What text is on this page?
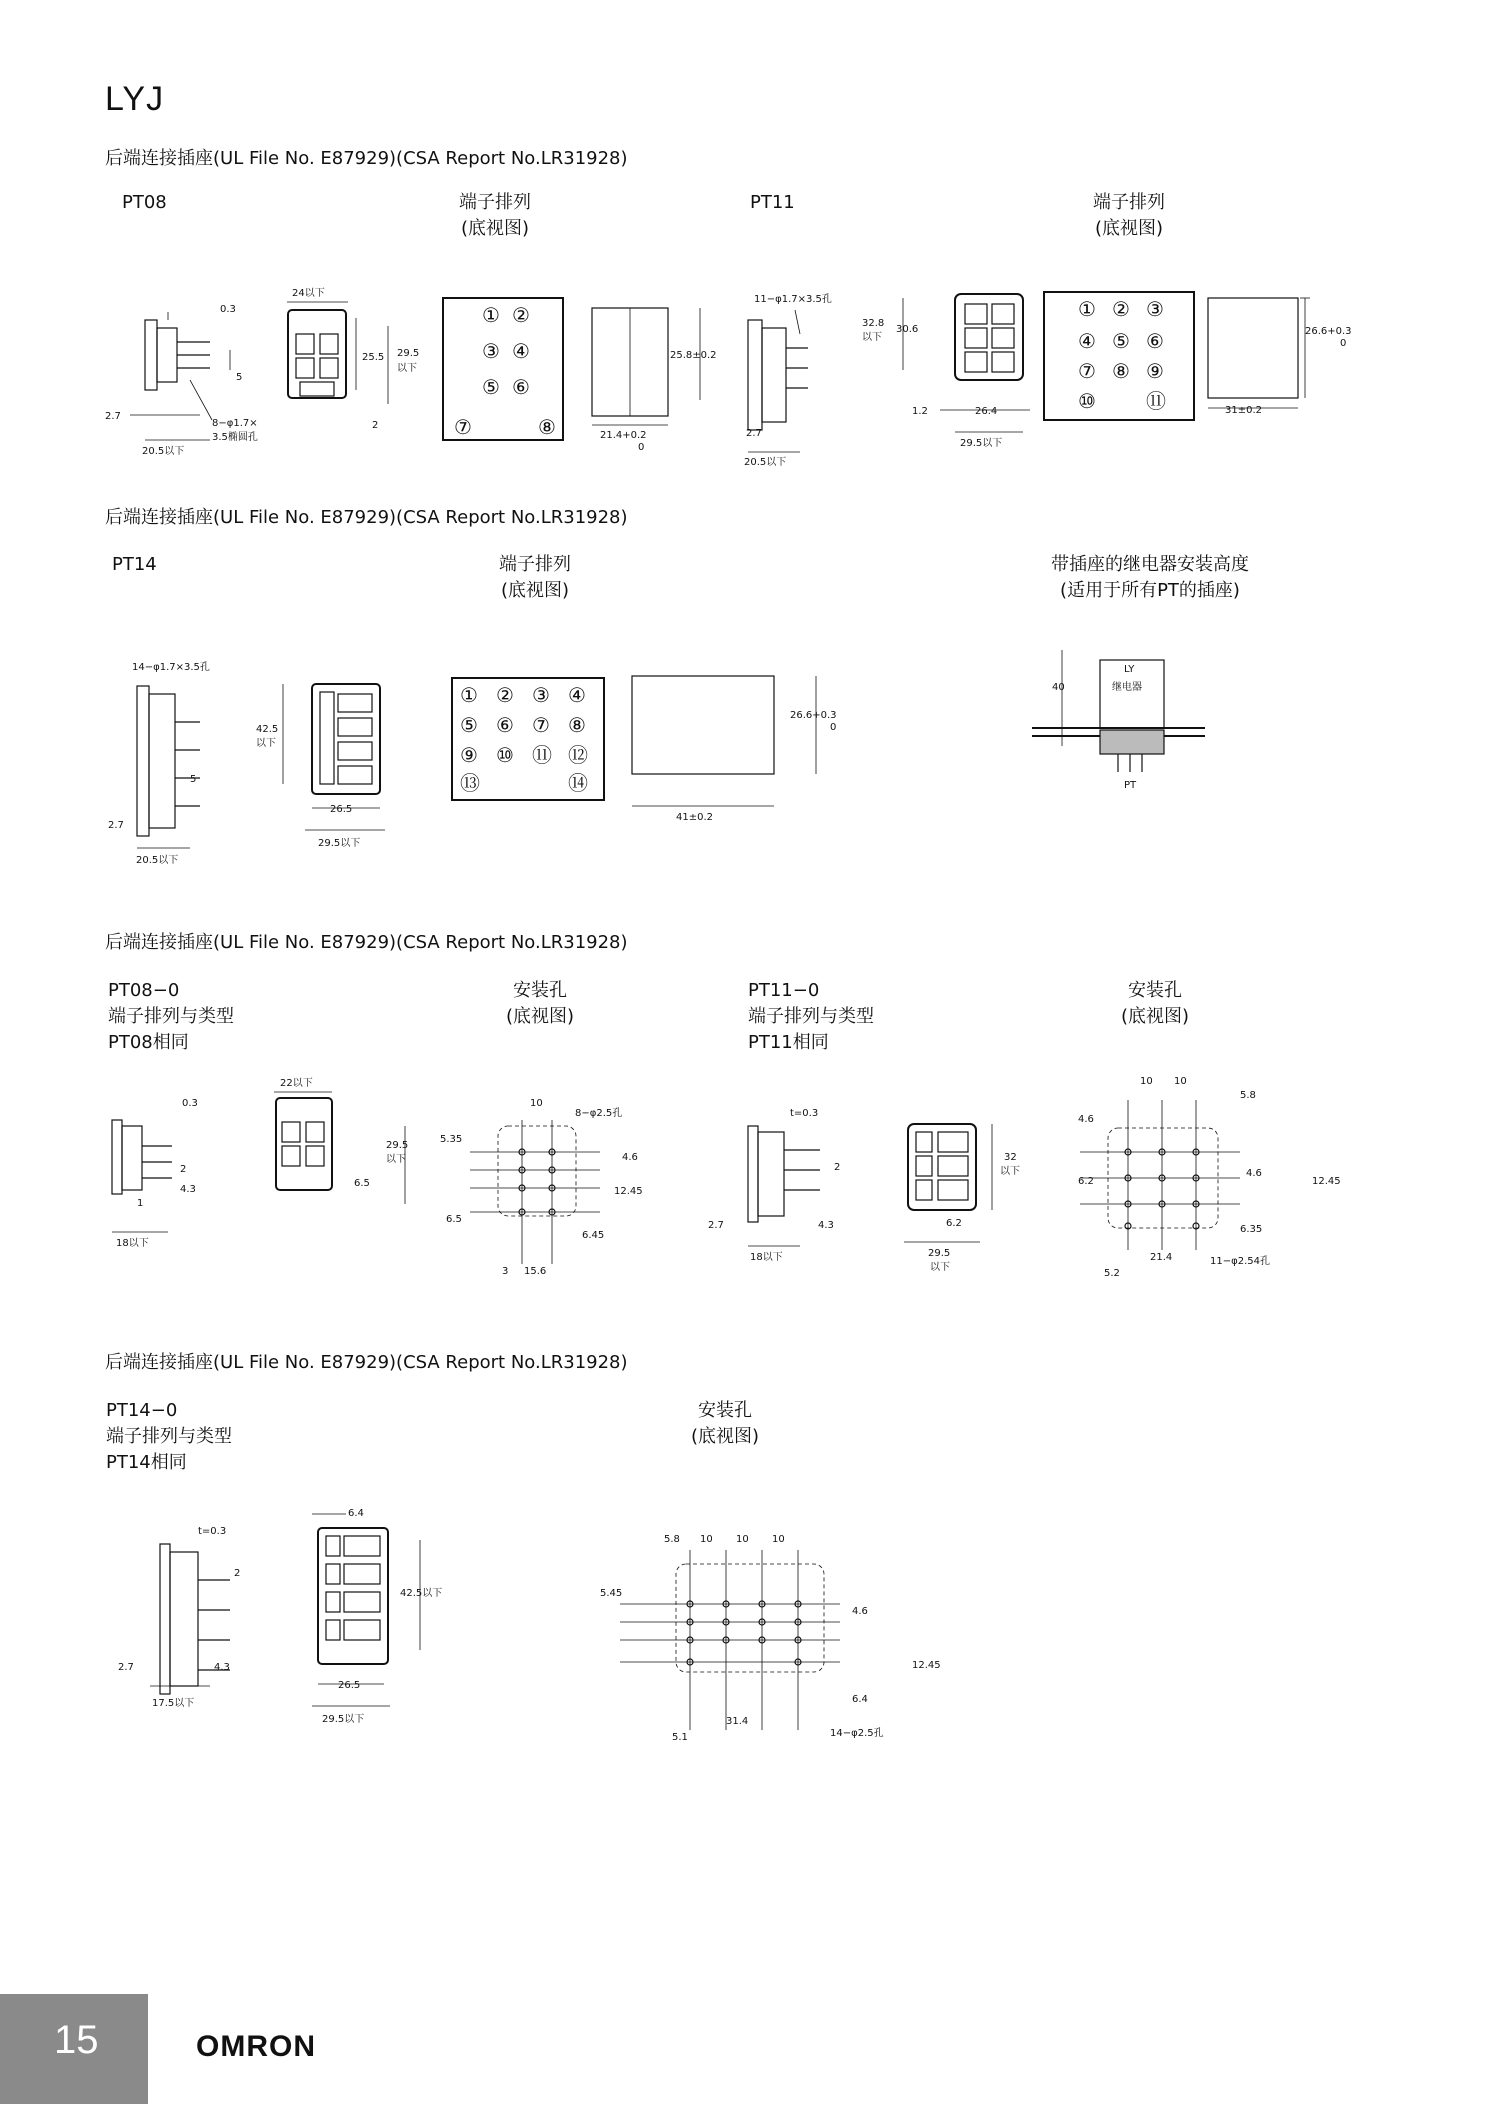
LYJ
后端连接插座(UL File No. E87929)(CSA Report No.LR31928)
PT08	端子排列
(底视图)
PT11	端子排列
(底视图)
0.3
5
2.7
20.5以下
8−φ1.7×
3.5椭圆孔
24以下
25.5 29.5
以下
2
① ②
③ ④
⑤ ⑥
⑦	⑧
25.8±0.2
21.4+0.2
0
11−φ1.7×3.5孔
2.7
20.5以下
32.8
以下
30.6
1.2	26.4
29.5以下
① ② ③
④ ⑤ ⑥
⑦ ⑧ ⑨
⑩	⑪
26.6+0.3
0
31±0.2
后端连接插座(UL File No. E87929)(CSA Report No.LR31928)
PT14	端子排列
(底视图)
带插座的继电器安装高度
(适用于所有PT的插座)
14−φ1.7×3.5孔
5
2.7
20.5以下
42.5
以下
26.5
29.5以下
① ② ③ ④
⑤ ⑥ ⑦ ⑧
⑨ ⑩ ⑪ ⑫
⑬	⑭
26.6+0.3
0
41±0.2
LY
继电器
40
PT
后端连接插座(UL File No. E87929)(CSA Report No.LR31928)
PT08−0
端子排列与类型
PT08相同
安装孔
(底视图)
PT11−0
端子排列与类型
PT11相同
安装孔
(底视图)
0.3
2
4.3
1
18以下
22以下
29.5
以下
6.5
10
8−φ2.5孔
5.35
4.6
12.45
6.5
6.45
3 15.6
t=0.3
2
2.7	4.3
18以下
32
以下
6.2
29.5
以下
10 10
5.8
4.6
6.2
4.6
12.45
6.35
21.4	11−φ2.54孔
5.2
后端连接插座(UL File No. E87929)(CSA Report No.LR31928)
PT14−0
端子排列与类型
PT14相同
安装孔
(底视图)
t=0.3
2
2.7	4.3
17.5以下
6.4
42.5以下
26.5
29.5以下
5.8 10 10 10
5.45
4.6
12.45
6.4
5.1
31.4
14−φ2.5孔
15	OMRON
